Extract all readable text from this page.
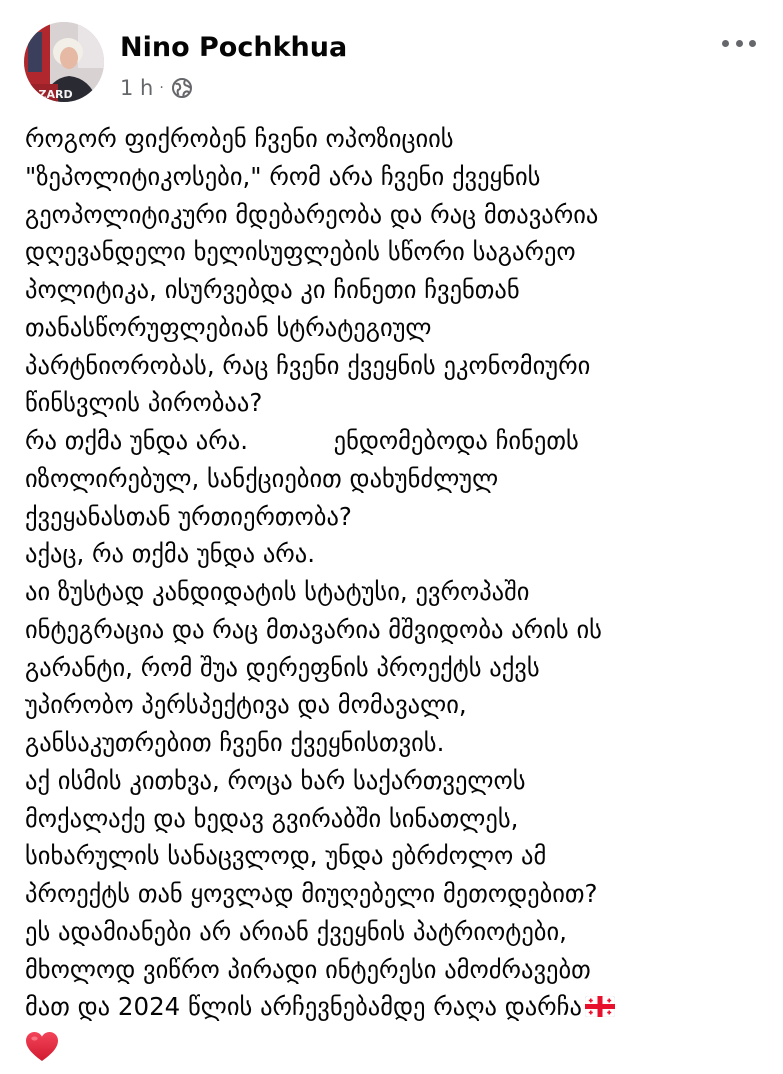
AZARD
Nino Pochkhua
1 h ·
როგორ ფიქრობენ ჩვენი ოპოზიციის
"ზეპოლიტიკოსები," რომ არა ჩვენი ქვეყნის
გეოპოლიტიკური მდებარეობა და რაც მთავარია
დღევანდელი ხელისუფლების სწორი საგარეო
პოლიტიკა, ისურვებდა კი ჩინეთი ჩვენთან
თანასწორუფლებიან სტრატეგიულ
პარტნიორობას, რაც ჩვენი ქვეყნის ეკონომიური
წინსვლის პირობაა?
რა თქმა უნდა არა.           ენდომებოდა ჩინეთს
იზოლირებულ, სანქციებით დახუნძლულ
ქვეყანასთან ურთიერთობა?
აქაც, რა თქმა უნდა არა.
აი ზუსტად კანდიდატის სტატუსი, ევროპაში
ინტეგრაცია და რაც მთავარია მშვიდობა არის ის
გარანტი, რომ შუა დერეფნის პროექტს აქვს
უპირობო პერსპექტივა და მომავალი,
განსაკუთრებით ჩვენი ქვეყნისთვის.
აქ ისმის კითხვა, როცა ხარ საქართველოს
მოქალაქე და ხედავ გვირაბში სინათლეს,
სიხარულის სანაცვლოდ, უნდა ებრძოლო ამ
პროექტს თან ყოვლად მიუღებელი მეთოდებით?
ეს ადამიანები არ არიან ქვეყნის პატრიოტები,
მხოლოდ ვიწრო პირადი ინტერესი ამოძრავებთ
მათ და 2024 წლის არჩევნებამდე რაღა დარჩა
